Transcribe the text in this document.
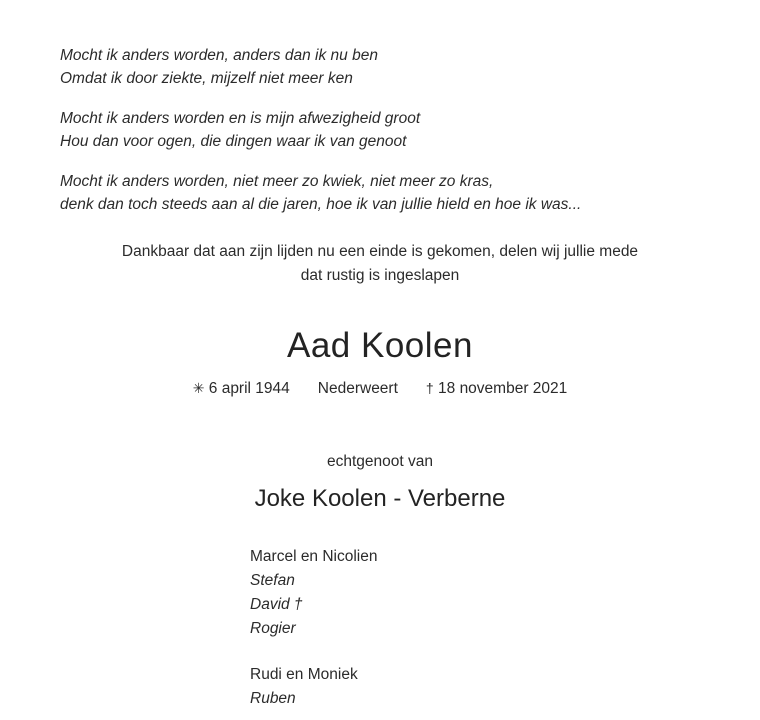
Mocht ik anders worden, anders dan ik nu ben
Omdat ik door ziekte, mijzelf niet meer ken
Mocht ik anders worden en is mijn afwezigheid groot
Hou dan voor ogen, die dingen waar ik van genoot
Mocht ik anders worden, niet meer zo kwiek, niet meer zo kras,
denk dan toch steeds aan al die jaren, hoe ik van jullie hield en hoe ik was...
Dankbaar dat aan zijn lijden nu een einde is gekomen, delen wij jullie mede
dat rustig is ingeslapen
Aad Koolen
✳ 6 april 1944 Nederweert † 18 november 2021
echtgenoot van
Joke Koolen - Verberne
Marcel en Nicolien
Stefan
David †
Rogier
Rudi en Moniek
Ruben
